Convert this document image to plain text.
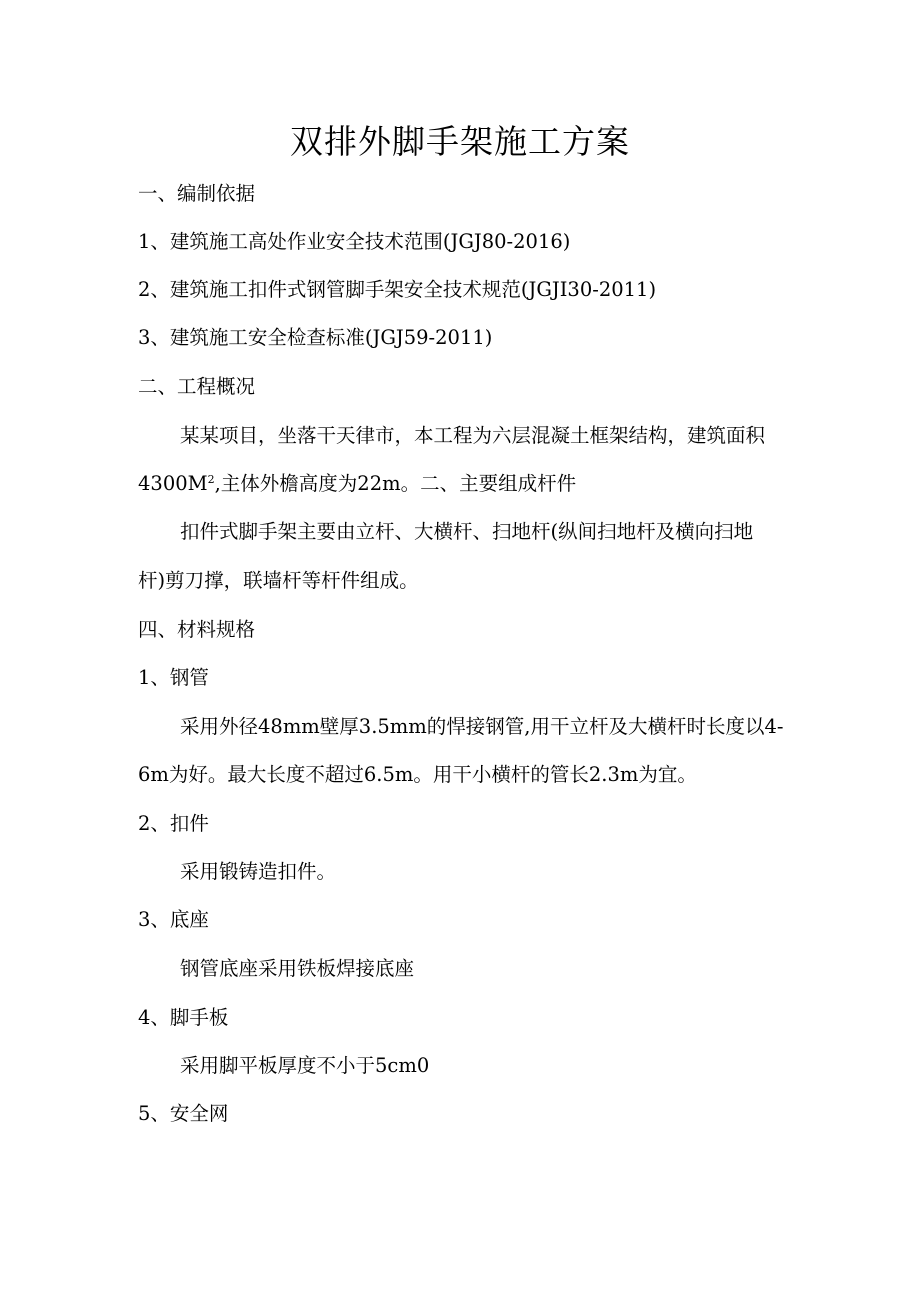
双排外脚手架施工方案
一、编制依据
1、建筑施工高处作业安全技术范围(JGJ80-2016)
2、建筑施工扣件式钢管脚手架安全技术规范(JGJI30-2011)
3、建筑施工安全检查标准(JGJ59-2011)
二、工程概况
某某项目，坐落干天律市，本工程为六层混凝土框架结构，建筑面积
$4300M^2$,主体外檐高度为22m。二、主要组成杆件
扣件式脚手架主要由立杆、大横杆、扫地杆(纵间扫地杆及横向扫地
杆)剪刀撑，联墙杆等杆件组成。
四、材料规格
1、钢管
采用外径48mm壁厚3.5mm的悍接钢管,用干立杆及大横杆时长度以4-
6m为好。最大长度不超过6.5m。用干小横杆的管长2.3m为宜。
2、扣件
采用锻铸造扣件。
3、底座
钢管底座采用铁板焊接底座
4、脚手板
采用脚平板厚度不小于5cm0
5、安全网
